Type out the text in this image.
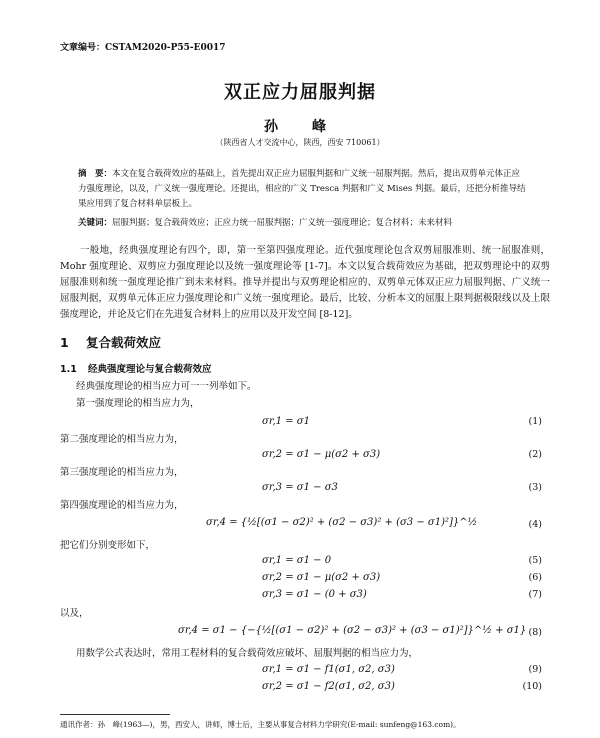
文章编号：CSTAM2020-P55-E0017
双正应力屈服判据
孙　峰
（陕西省人才交流中心，陕西，西安 710061）
摘　要：本文在复合载荷效应的基础上，首先提出双正应力屈服判据和广义统一屈服判据。然后，提出双剪单元体正应力强度理论，以及，广义统一强度理论。还提出，相应的广义 Tresca 判据和广义 Mises 判据。最后，还把分析推导结果应用到了复合材料单层板上。
关键词：屈服判据；复合载荷效应；正应力统一屈服判据；广义统一强度理论；复合材料；未来材料
一般地，经典强度理论有四个，即，第一至第四强度理论。近代强度理论包含双剪屈服准则、统一屈服准则，Mohr 强度理论、双剪应力强度理论以及统一强度理论等 [1-7]。本文以复合载荷效应为基础，把双剪理论中的双剪屈服准则和统一强度理论推广到未来材料。推导并提出与双剪理论相应的、双剪单元体双正应力屈服判据、广义统一屈服判据，双剪单元体正应力强度理论和广义统一强度理论。最后，比较、分析本文的屈服上限判据极限线以及上限强度理论，并论及它们在先进复合材料上的应用以及开发空间 [8-12]。
1 复合载荷效应
1.1 经典强度理论与复合载荷效应
经典强度理论的相当应力可一一列举如下。
第一强度理论的相当应力为，
σr,1 = σ1	(1)
第二强度理论的相当应力为，
σr,2 = σ1 − μ(σ2 + σ3)	(2)
第三强度理论的相当应力为，
σr,3 = σ1 − σ3	(3)
第四强度理论的相当应力为，
σr,4 = {½[(σ1 − σ2)² + (σ2 − σ3)² + (σ3 − σ1)²]}^½	(4)
把它们分别变形如下，
σr,1 = σ1 − 0	(5)
σr,2 = σ1 − μ(σ2 + σ3)	(6)
σr,3 = σ1 − (0 + σ3)	(7)
以及，
σr,4 = σ1 − {−{½[(σ1 − σ2)² + (σ2 − σ3)² + (σ3 − σ1)²]}^½ + σ1} (8)
用数学公式表达时，常用工程材料的复合载荷效应破坏、屈服判据的相当应力为，
σr,1 = σ1 − f1(σ1, σ2, σ3)	(9)
σr,2 = σ1 − f2(σ1, σ2, σ3)	(10)
通讯作者：孙　峰(1963—)，男，西安人，讲师，博士后，主要从事复合材料力学研究(E-mail: sunfeng@163.com)。
